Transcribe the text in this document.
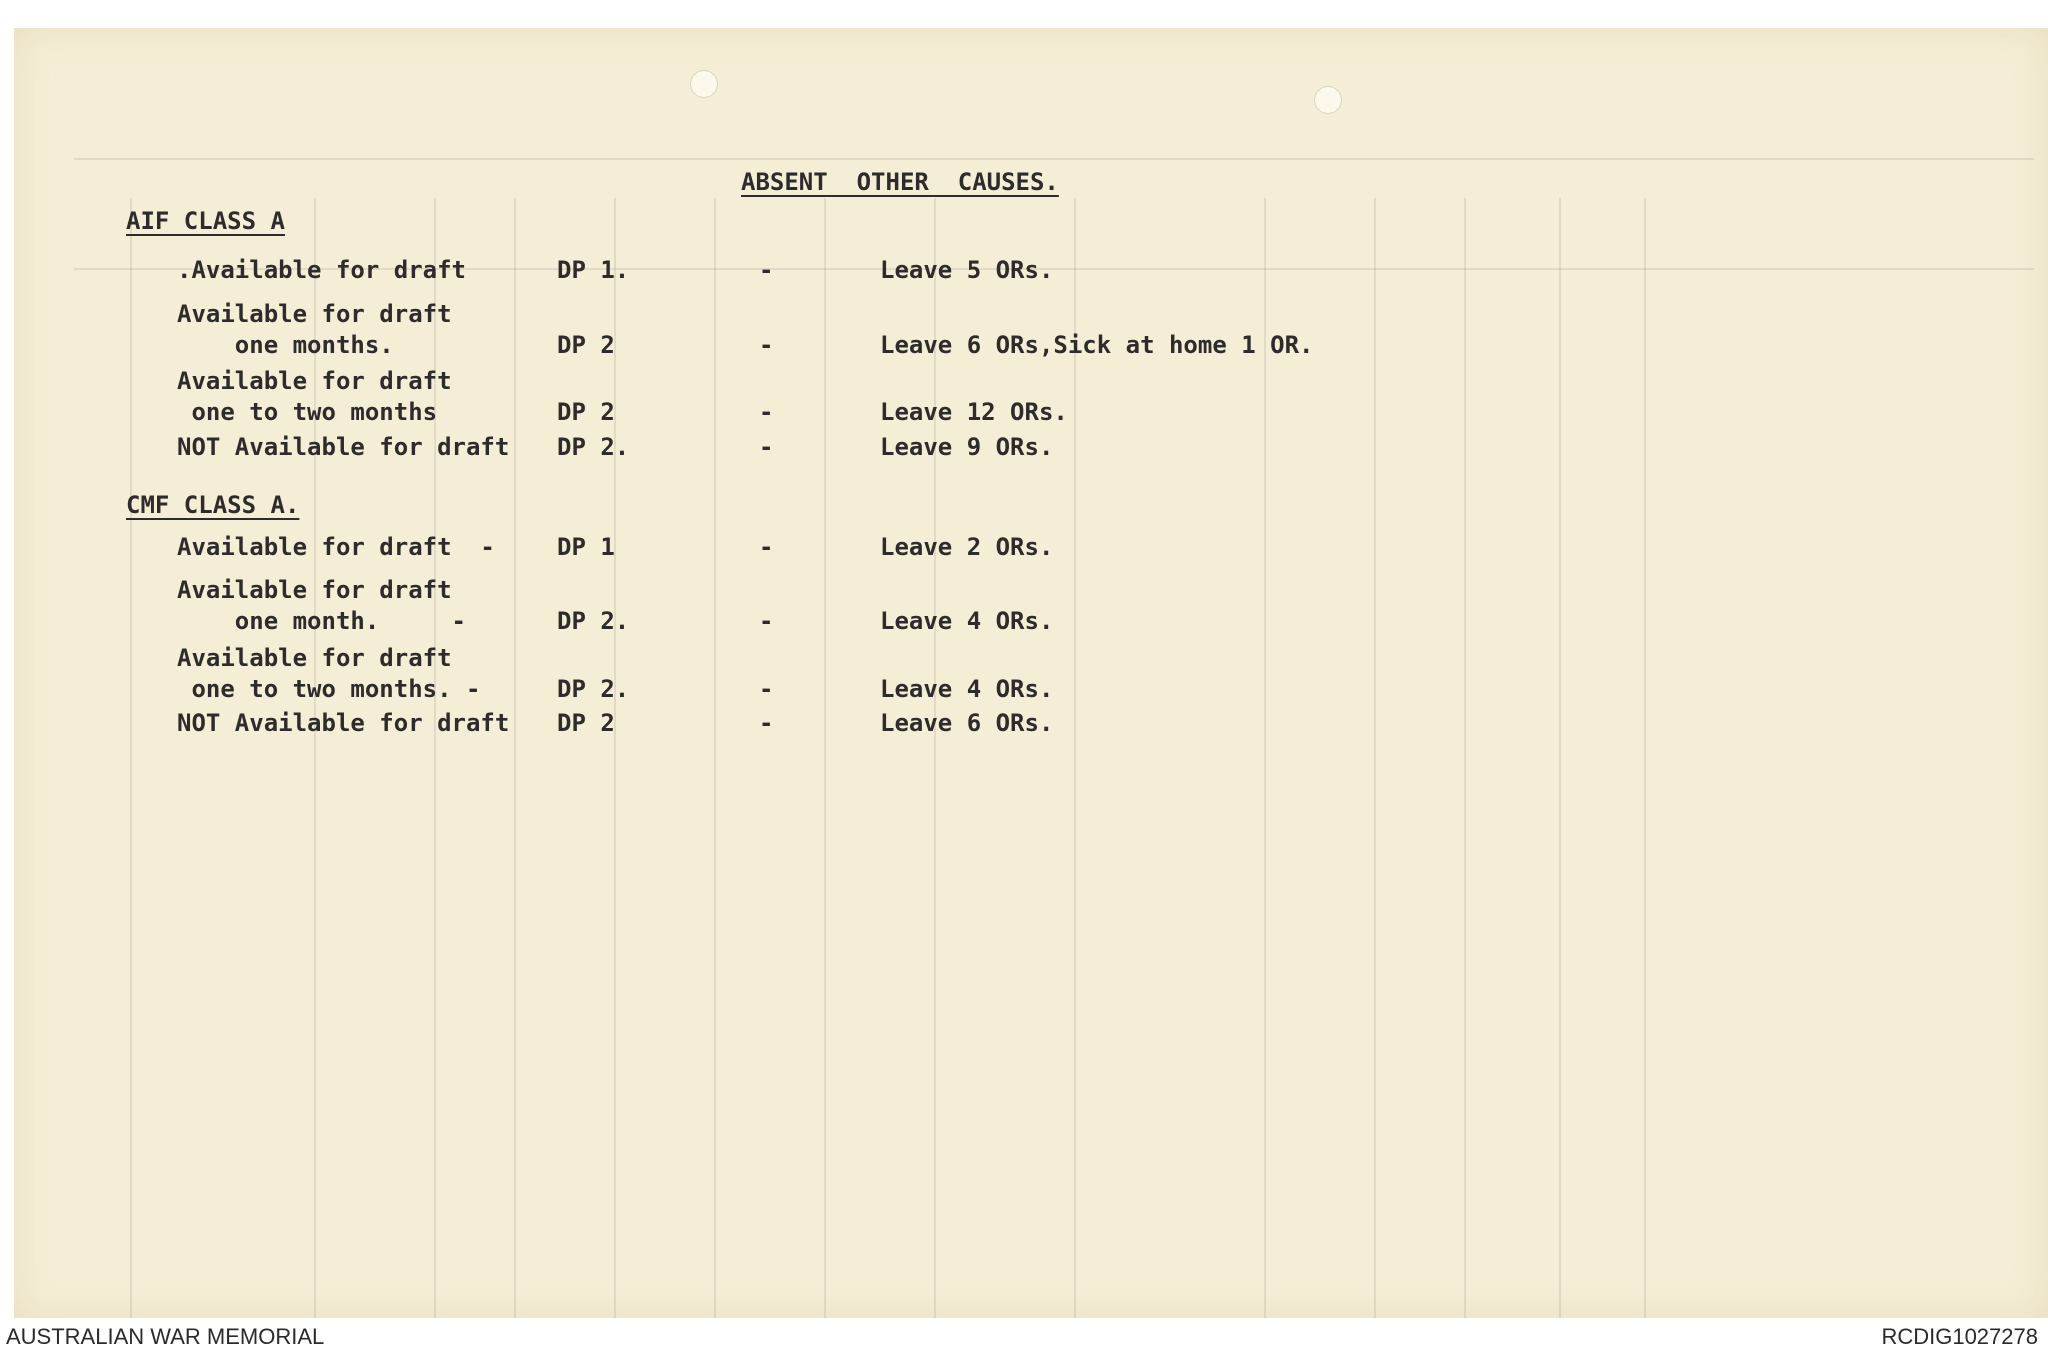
ABSENT  OTHER  CAUSES.
AIF CLASS A
.Available for draft	DP 1.	-	Leave 5 ORs.
Available for draft
one months.	DP 2	-	Leave 6 ORs,Sick at home 1 OR.
Available for draft
one to two months	DP 2	-	Leave 12 ORs.
NOT Available for draft DP 2.	-	Leave 9 ORs.
CMF CLASS A.
Available for draft  -	DP 1	-	Leave 2 ORs.
Available for draft
one month.     -	DP 2.	-	Leave 4 ORs.
Available for draft
one to two months. -	DP 2.	-	Leave 4 ORs.
NOT Available for draft DP 2	-	Leave 6 ORs.
AUSTRALIAN WAR MEMORIAL	RCDIG1027278
